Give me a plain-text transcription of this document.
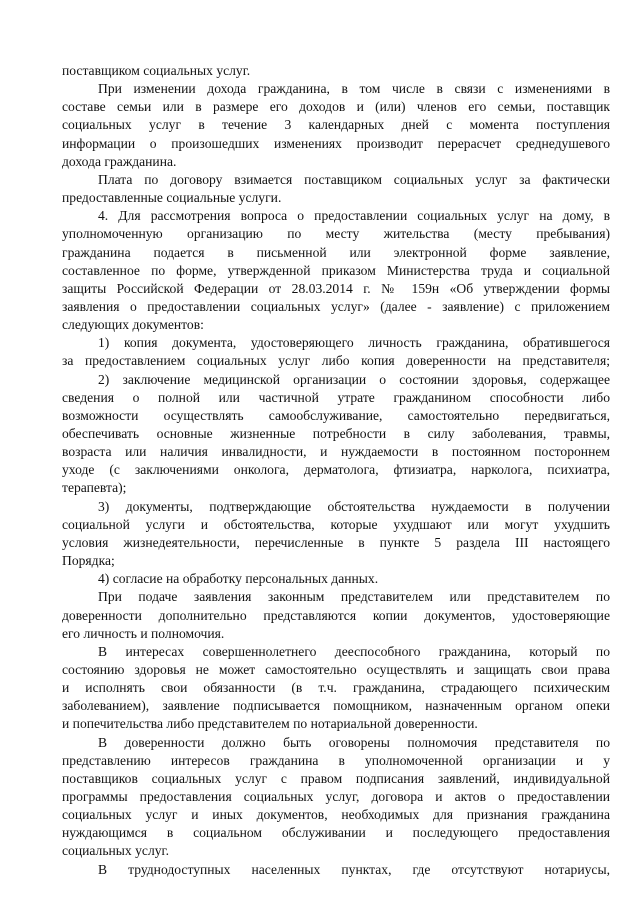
поставщиком социальных услуг.
При изменении дохода гражданина, в том числе в связи с изменениями в
составе семьи или в размере его доходов и (или) членов его семьи, поставщик
социальных услуг в течение 3 календарных дней с момента поступления
информации о произошедших изменениях производит перерасчет среднедушевого
дохода гражданина.
Плата по договору взимается поставщиком социальных услуг за фактически
предоставленные социальные услуги.
4. Для рассмотрения вопроса о предоставлении социальных услуг на дому, в
уполномоченную организацию по месту жительства (месту пребывания)
гражданина подается в письменной или электронной форме заявление,
составленное по форме, утвержденной приказом Министерства труда и социальной
защиты Российской Федерации от 28.03.2014 г. № 159н «Об утверждении формы
заявления о предоставлении социальных услуг» (далее - заявление) с приложением
следующих документов:
1) копия документа, удостоверяющего личность гражданина, обратившегося
за предоставлением социальных услуг либо копия доверенности на представителя;
2) заключение медицинской организации о состоянии здоровья, содержащее
сведения о полной или частичной утрате гражданином способности либо
возможности осуществлять самообслуживание, самостоятельно передвигаться,
обеспечивать основные жизненные потребности в силу заболевания, травмы,
возраста или наличия инвалидности, и нуждаемости в постоянном постороннем
уходе (с заключениями онколога, дерматолога, фтизиатра, нарколога, психиатра,
терапевта);
3) документы, подтверждающие обстоятельства нуждаемости в получении
социальной услуги и обстоятельства, которые ухудшают или могут ухудшить
условия жизнедеятельности, перечисленные в пункте 5 раздела III настоящего
Порядка;
4) согласие на обработку персональных данных.
При подаче заявления законным представителем или представителем по
доверенности дополнительно представляются копии документов, удостоверяющие
его личность и полномочия.
В интересах совершеннолетнего дееспособного гражданина, который по
состоянию здоровья не может самостоятельно осуществлять и защищать свои права
и исполнять свои обязанности (в т.ч. гражданина, страдающего психическим
заболеванием), заявление подписывается помощником, назначенным органом опеки
и попечительства либо представителем по нотариальной доверенности.
В доверенности должно быть оговорены полномочия представителя по
представлению интересов гражданина в уполномоченной организации и у
поставщиков социальных услуг с правом подписания заявлений, индивидуальной
программы предоставления социальных услуг, договора и актов о предоставлении
социальных услуг и иных документов, необходимых для признания гражданина
нуждающимся в социальном обслуживании и последующего предоставления
социальных услуг.
В труднодоступных населенных пунктах, где отсутствуют нотариусы,
